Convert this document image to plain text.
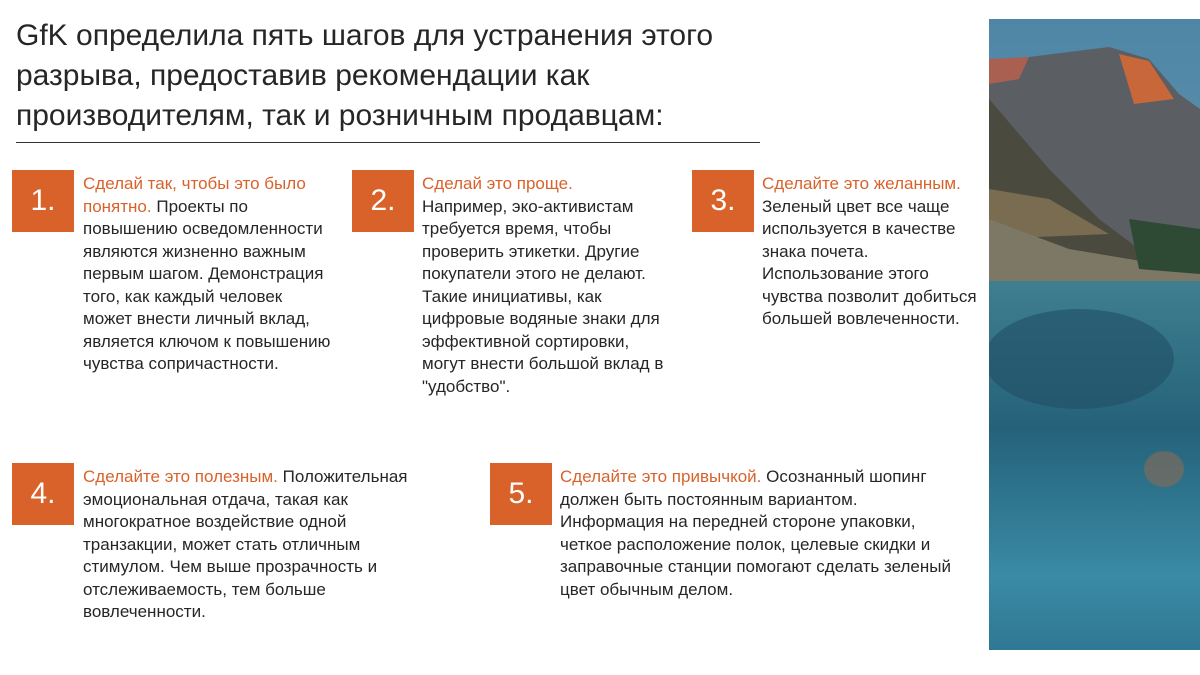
GfK определила пять шагов для устранения этого разрыва, предоставив рекомендации как производителям, так и розничным продавцам:
1.
Сделай так, чтобы это было понятно. Проекты по повышению осведомленности являются жизненно важным первым шагом. Демонстрация того, как каждый человек может внести личный вклад, является ключом к повышению чувства сопричастности.
2.
Сделай это проще.
Например, эко-активистам требуется время, чтобы проверить этикетки. Другие покупатели этого не делают. Такие инициативы, как цифровые водяные знаки для эффективной сортировки, могут внести большой вклад в "удобство".
3.
Сделайте это желанным.
Зеленый цвет все чаще используется в качестве знака почета. Использование этого чувства позволит добиться большей вовлеченности.
4.
Сделайте это полезным. Положительная эмоциональная отдача, такая как многократное воздействие одной транзакции, может стать отличным стимулом. Чем выше прозрачность и отслеживаемость, тем больше вовлеченности.
5.
Сделайте это привычкой. Осознанный шопинг должен быть постоянным вариантом. Информация на передней стороне упаковки, четкое расположение полок, целевые скидки и заправочные станции помогают сделать зеленый цвет обычным делом.
